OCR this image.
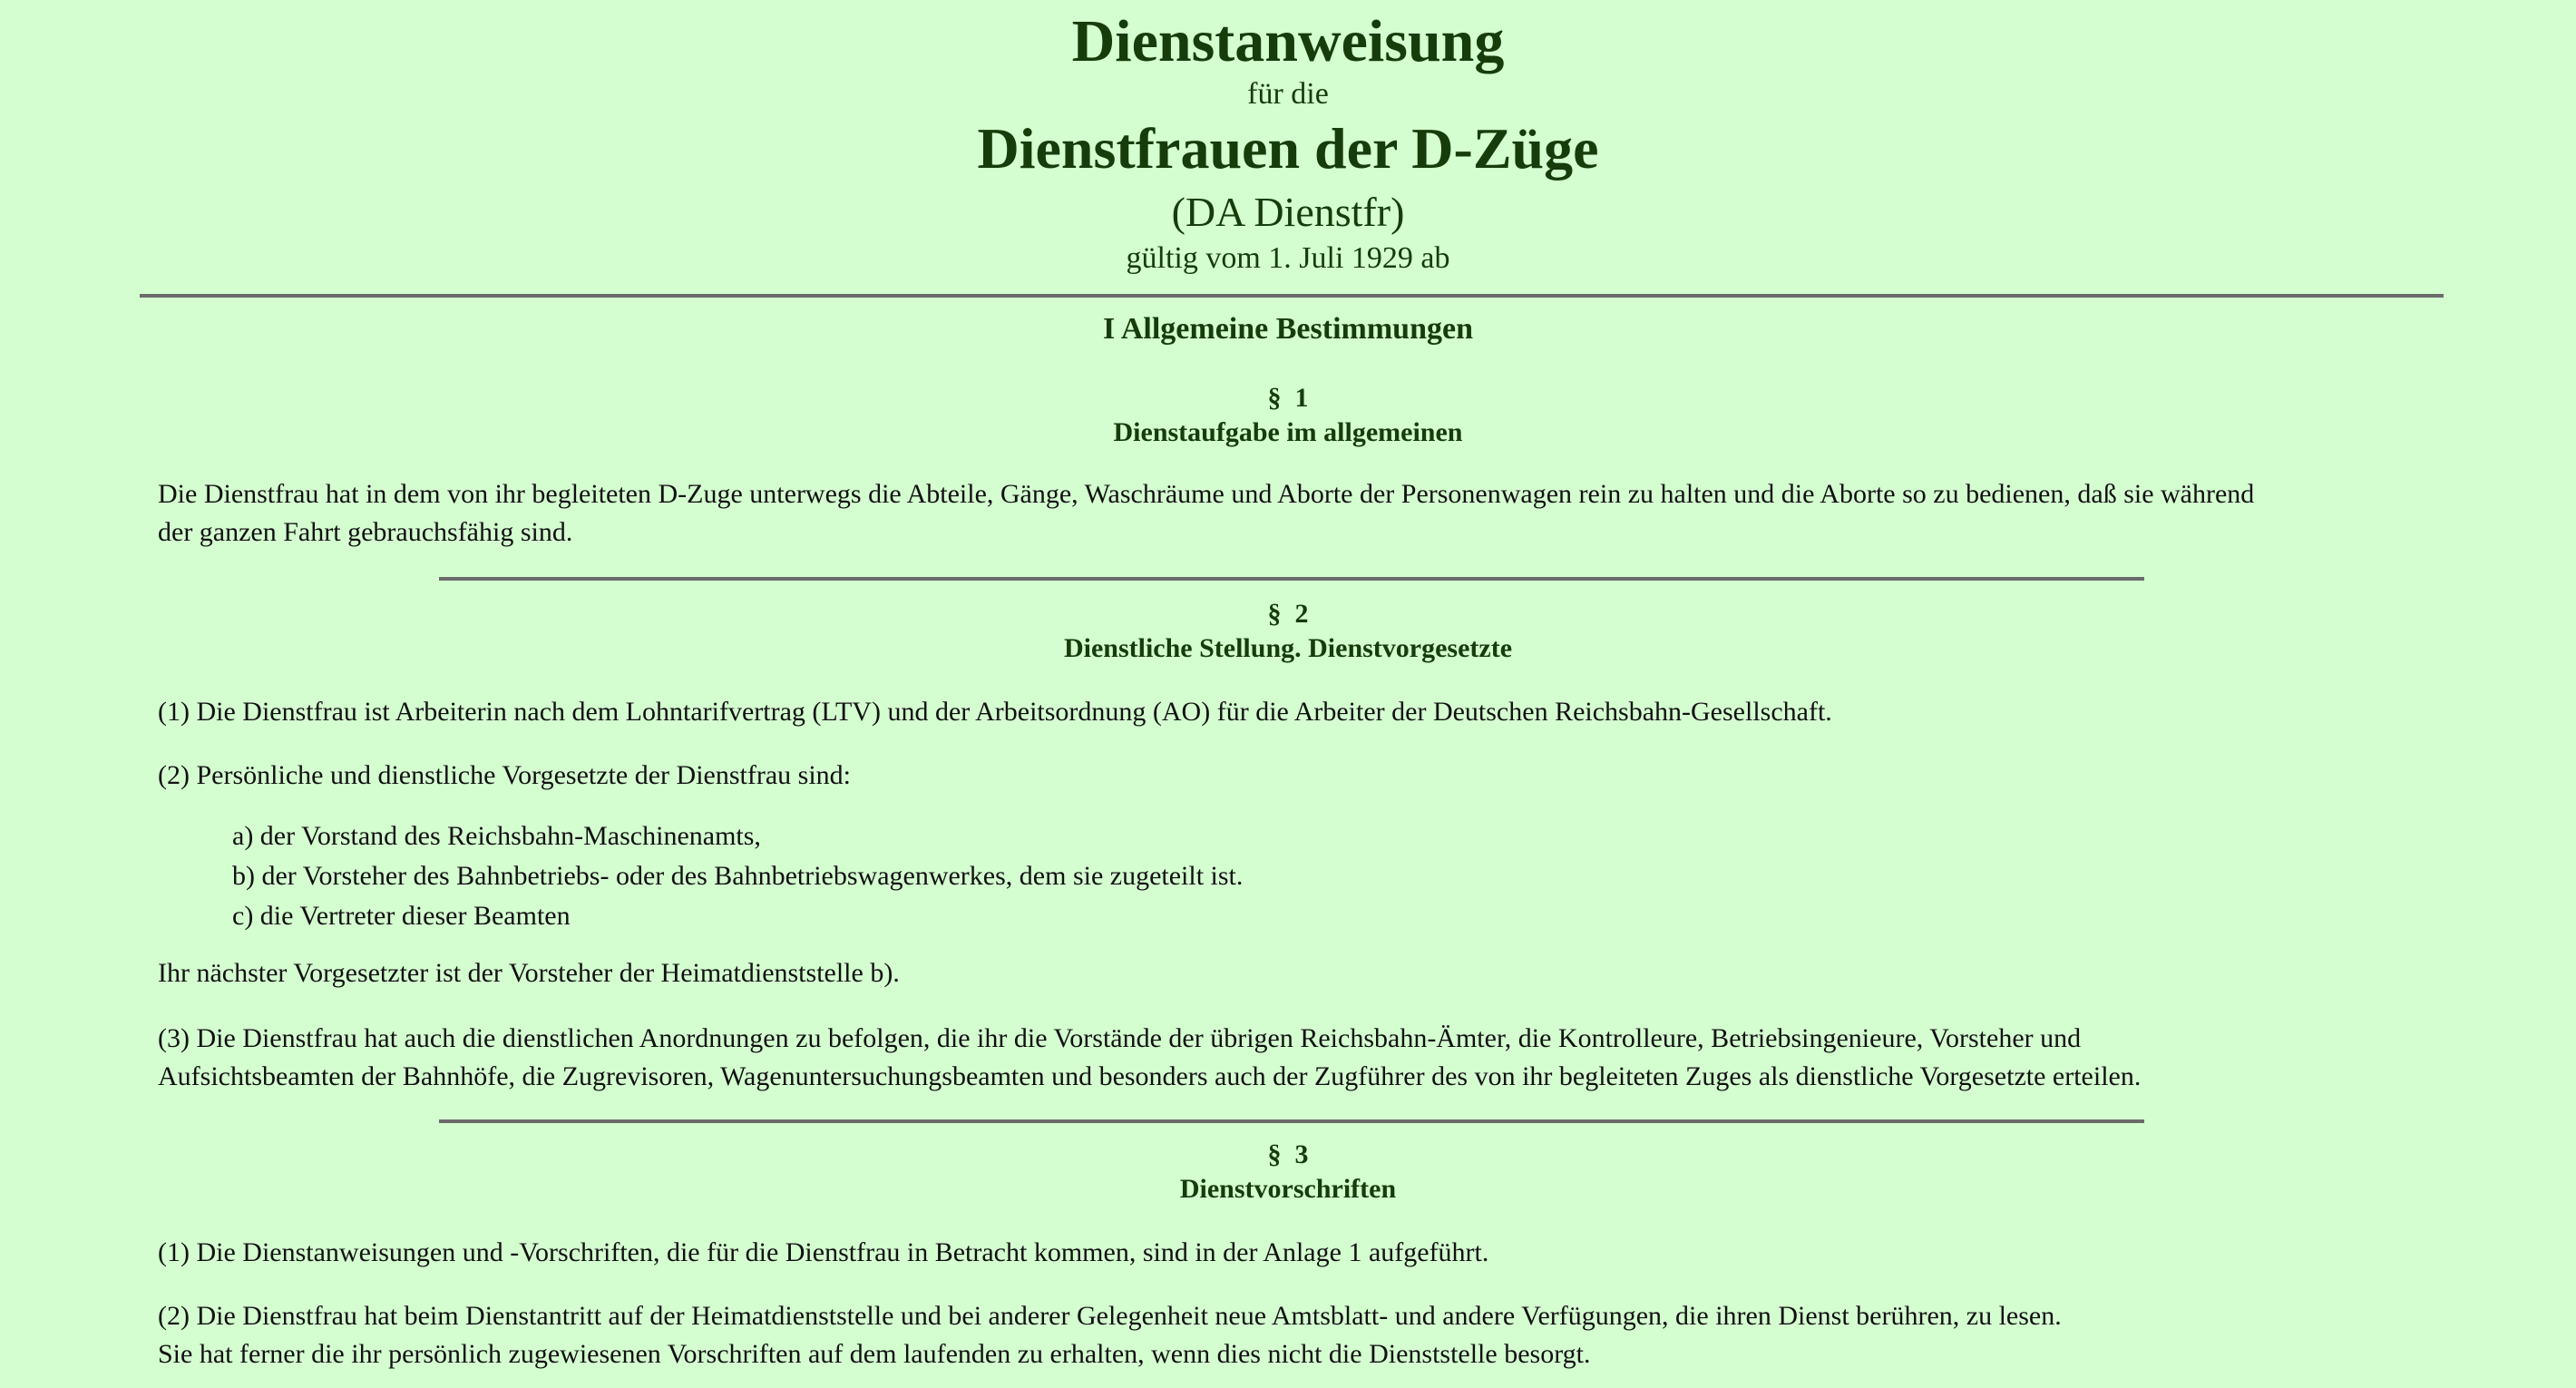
Dienstanweisung
für die
Dienstfrauen der D-Züge
(DA Dienstfr)
gültig vom 1. Juli 1929 ab
I Allgemeine Bestimmungen
§  1
Dienstaufgabe im allgemeinen
Die Dienstfrau hat in dem von ihr begleiteten D-Zuge unterwegs die Abteile, Gänge, Waschräume und Aborte der Personenwagen rein zu halten und die Aborte so zu bedienen, daß sie während
der ganzen Fahrt gebrauchsfähig sind.
§  2
Dienstliche Stellung. Dienstvorgesetzte
(1) Die Dienstfrau ist Arbeiterin nach dem Lohntarifvertrag (LTV) und der Arbeitsordnung (AO) für die Arbeiter der Deutschen Reichsbahn-Gesellschaft.
(2) Persönliche und dienstliche Vorgesetzte der Dienstfrau sind:
a) der Vorstand des Reichsbahn-Maschinenamts,
b) der Vorsteher des Bahnbetriebs- oder des Bahnbetriebswagenwerkes, dem sie zugeteilt ist.
c) die Vertreter dieser Beamten
Ihr nächster Vorgesetzter ist der Vorsteher der Heimatdienststelle b).
(3) Die Dienstfrau hat auch die dienstlichen Anordnungen zu befolgen, die ihr die Vorstände der übrigen Reichsbahn-Ämter, die Kontrolleure, Betriebsingenieure, Vorsteher und
Aufsichtsbeamten der Bahnhöfe, die Zugrevisoren, Wagenuntersuchungsbeamten und besonders auch der Zugführer des von ihr begleiteten Zuges als dienstliche Vorgesetzte erteilen.
§  3
Dienstvorschriften
(1) Die Dienstanweisungen und -Vorschriften, die für die Dienstfrau in Betracht kommen, sind in der Anlage 1 aufgeführt.
(2) Die Dienstfrau hat beim Dienstantritt auf der Heimatdienststelle und bei anderer Gelegenheit neue Amtsblatt- und andere Verfügungen, die ihren Dienst berühren, zu lesen.
Sie hat ferner die ihr persönlich zugewiesenen Vorschriften auf dem laufenden zu erhalten, wenn dies nicht die Dienststelle besorgt.
